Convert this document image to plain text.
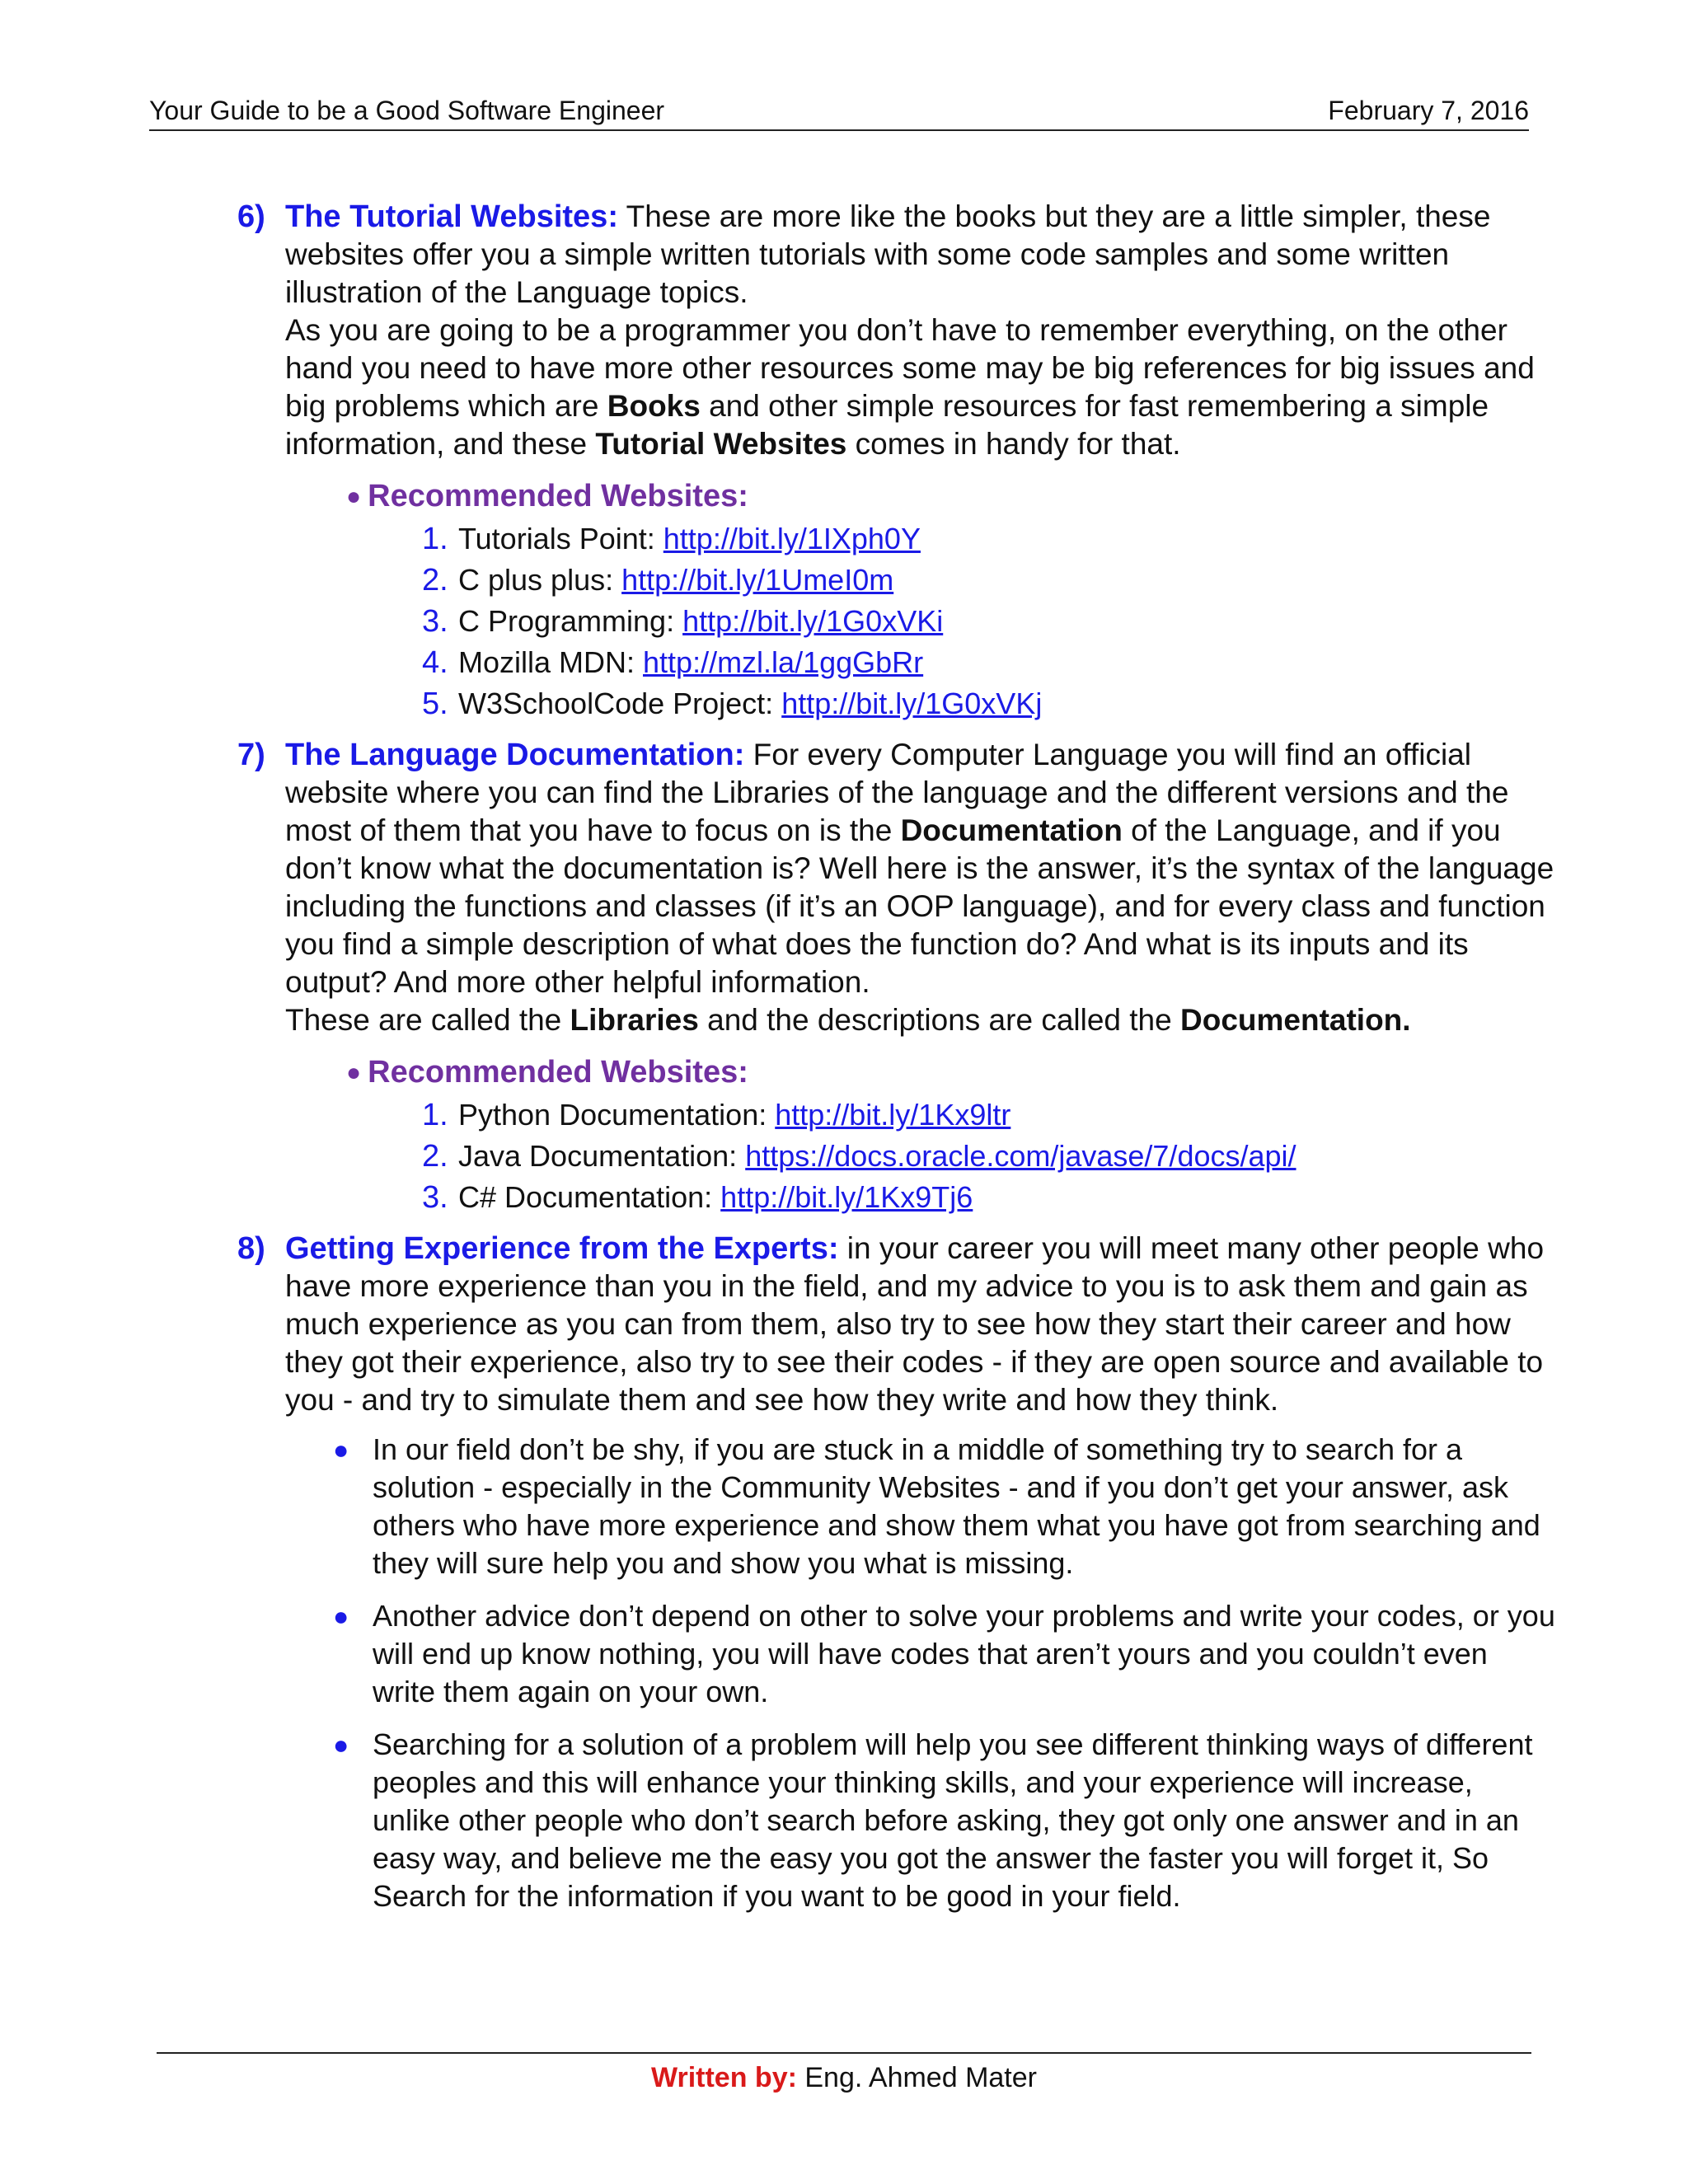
Your Guide to be a Good Software Engineer	February 7, 2016
6) The Tutorial Websites: These are more like the books but they are a little simpler, these websites offer you a simple written tutorials with some code samples and some written illustration of the Language topics.
As you are going to be a programmer you don’t have to remember everything, on the other hand you need to have more other resources some may be big references for big issues and big problems which are Books and other simple resources for fast remembering a simple information, and these Tutorial Websites comes in handy for that.
● Recommended Websites:
1. Tutorials Point: http://bit.ly/1IXph0Y
2. C plus plus: http://bit.ly/1UmeI0m
3. C Programming: http://bit.ly/1G0xVKi
4. Mozilla MDN: http://mzl.la/1ggGbRr
5. W3SchoolCode Project: http://bit.ly/1G0xVKj
7) The Language Documentation: For every Computer Language you will find an official website where you can find the Libraries of the language and the different versions and the most of them that you have to focus on is the Documentation of the Language, and if you don’t know what the documentation is? Well here is the answer, it’s the syntax of the language including the functions and classes (if it’s an OOP language), and for every class and function you find a simple description of what does the function do? And what is its inputs and its output? And more other helpful information.
These are called the Libraries and the descriptions are called the Documentation.
● Recommended Websites:
1. Python Documentation: http://bit.ly/1Kx9ltr
2. Java Documentation: https://docs.oracle.com/javase/7/docs/api/
3. C# Documentation: http://bit.ly/1Kx9Tj6
8) Getting Experience from the Experts: in your career you will meet many other people who have more experience than you in the field, and my advice to you is to ask them and gain as much experience as you can from them, also try to see how they start their career and how they got their experience, also try to see their codes - if they are open source and available to you - and try to simulate them and see how they write and how they think.
● In our field don’t be shy, if you are stuck in a middle of something try to search for a solution - especially in the Community Websites - and if you don’t get your answer, ask others who have more experience and show them what you have got from searching and they will sure help you and show you what is missing.
● Another advice don’t depend on other to solve your problems and write your codes, or you will end up know nothing, you will have codes that aren’t yours and you couldn’t even write them again on your own.
● Searching for a solution of a problem will help you see different thinking ways of different peoples and this will enhance your thinking skills, and your experience will increase, unlike other people who don’t search before asking, they got only one answer and in an easy way, and believe me the easy you got the answer the faster you will forget it, So Search for the information if you want to be good in your field.
Written by: Eng. Ahmed Mater
